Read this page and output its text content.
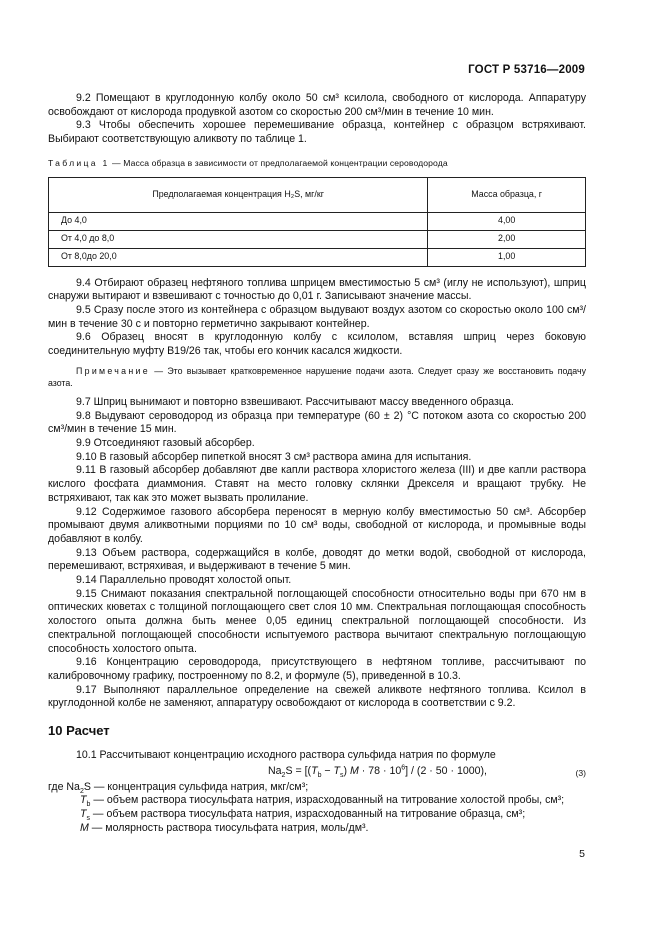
ГОСТ Р 53716—2009

9.2 Помещают в круглодонную колбу около 50 см³ ксилола, свободного от кислорода. Аппаратуру освобождают от кислорода продувкой азотом со скоростью 200 см³/мин в течение 10 мин.

9.3 Чтобы обеспечить хорошее перемешивание образца, контейнер с образцом встряхивают. Выбирают соответствующую аликвоту по таблице 1.

Таблица 1 — Масса образца в зависимости от предполагаемой концентрации сероводорода
Предполагаемая концентрация H₂S, мг/кг	Масса образца, г
До 4,0	4,00
От 4,0 до 8,0	2,00
От 8,0до 20,0	1,00

9.4 Отбирают образец нефтяного топлива шприцем вместимостью 5 см³ (иглу не используют), шприц снаружи вытирают и взвешивают с точностью до 0,01 г. Записывают значение массы.

9.5 Сразу после этого из контейнера с образцом выдувают воздух азотом со скоростью около 100 см³/мин в течение 30 с и повторно герметично закрывают контейнер.

9.6 Образец вносят в круглодонную колбу с ксилолом, вставляя шприц через боковую соединительную муфту В19/26 так, чтобы его кончик касался жидкости.

Примечание — Это вызывает кратковременное нарушение подачи азота. Следует сразу же восстановить подачу азота.

9.7 Шприц вынимают и повторно взвешивают. Рассчитывают массу введенного образца.

9.8 Выдувают сероводород из образца при температуре (60 ± 2) °С потоком азота со скоростью 200 см³/мин в течение 15 мин.

9.9 Отсоединяют газовый абсорбер.

9.10 В газовый абсорбер пипеткой вносят 3 см³ раствора амина для испытания.

9.11 В газовый абсорбер добавляют две капли раствора хлористого железа (III) и две капли раствора кислого фосфата диаммония. Ставят на место головку склянки Дрекселя и вращают трубку. Не встряхивают, так как это может вызвать пролилание.

9.12 Содержимое газового абсорбера переносят в мерную колбу вместимостью 50 см³. Абсорбер промывают двумя аликвотными порциями по 10 см³ воды, свободной от кислорода, и промывные воды добавляют в колбу.

9.13 Объем раствора, содержащийся в колбе, доводят до метки водой, свободной от кислорода, перемешивают, встряхивая, и выдерживают в течение 5 мин.

9.14 Параллельно проводят холостой опыт.

9.15 Снимают показания спектральной поглощающей способности относительно воды при 670 нм в оптических кюветах с толщиной поглощающего свет слоя 10 мм. Спектральная поглощающая способность холостого опыта должна быть менее 0,05 единиц спектральной поглощающей способности. Из спектральной поглощающей способности испытуемого раствора вычитают спектральную поглощающую способность холостого опыта.

9.16 Концентрацию сероводорода, присутствующего в нефтяном топливе, рассчитывают по калибровочному графику, построенному по 8.2, и формуле (5), приведенной в 10.3.

9.17 Выполняют параллельное определение на свежей аликвоте нефтяного топлива. Ксилол в круглодонной колбе не заменяют, аппаратуру освобождают от кислорода в соответствии с 9.2.

10 Расчет

10.1 Рассчитывают концентрацию исходного раствора сульфида натрия по формуле

$Na_2S = [(T_b - T_s) M \cdot 78 \cdot 10^6] / (2 \cdot 50 \cdot 1000)$,	(3)

где $Na_2S$ — концентрация сульфида натрия, мкг/см³;

$T_b$ — объем раствора тиосульфата натрия, израсходованный на титрование холостой пробы, см³;

$T_s$ — объем раствора тиосульфата натрия, израсходованный на титрование образца, см³;

M — молярность раствора тиосульфата натрия, моль/дм³.

5
